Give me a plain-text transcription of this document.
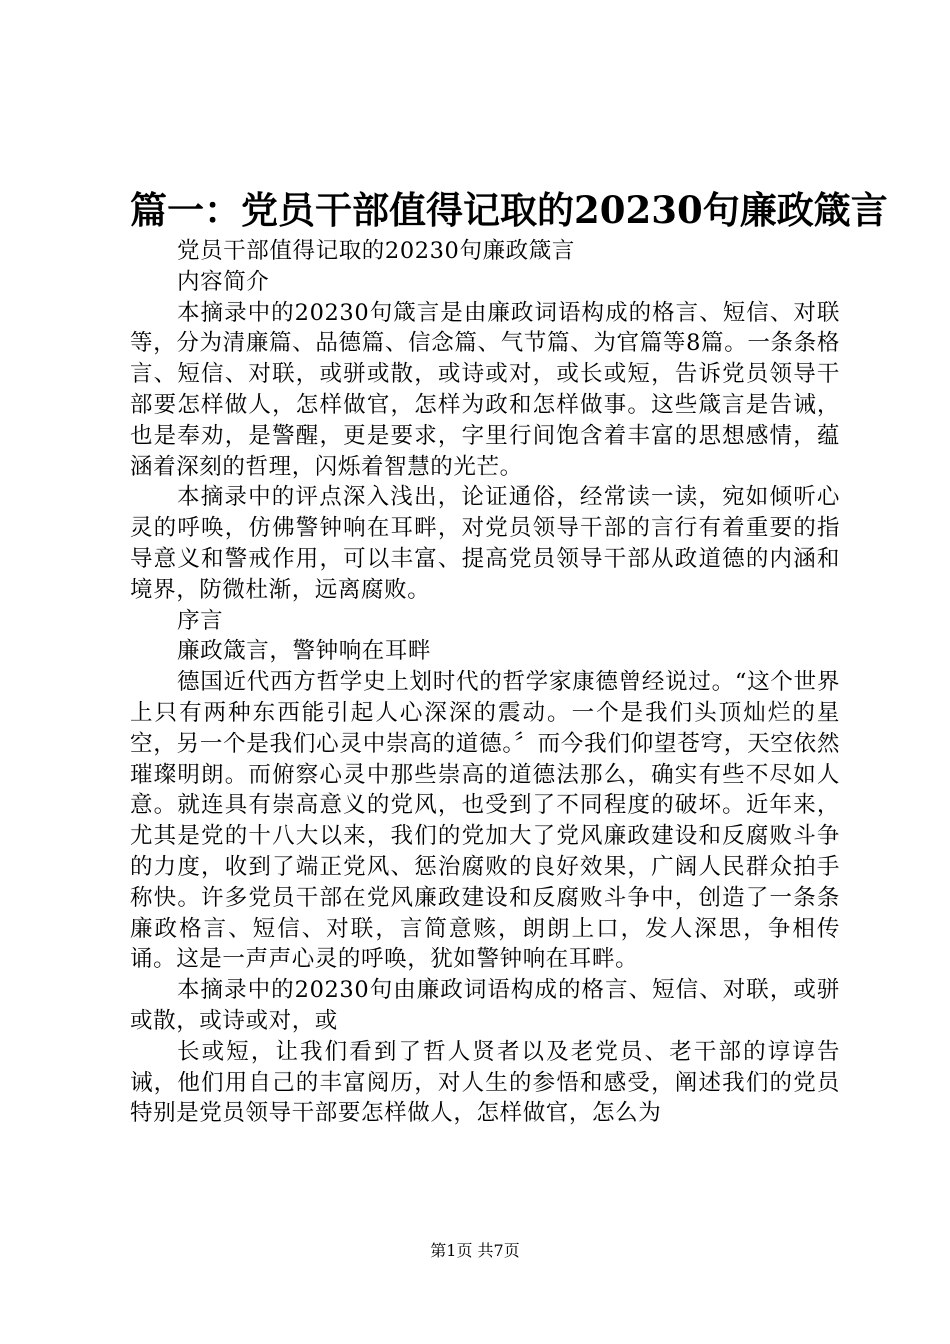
篇一：党员干部值得记取的20230句廉政箴言

党员干部值得记取的20230句廉政箴言

内容简介

本摘录中的20230句箴言是由廉政词语构成的格言、短信、对联等，分为清廉篇、品德篇、信念篇、气节篇、为官篇等8篇。一条条格言、短信、对联，或骈或散，或诗或对，或长或短，告诉党员领导干部要怎样做人，怎样做官，怎样为政和怎样做事。这些箴言是告诫，也是奉劝，是警醒，更是要求，字里行间饱含着丰富的思想感情，蕴涵着深刻的哲理，闪烁着智慧的光芒。

本摘录中的评点深入浅出，论证通俗，经常读一读，宛如倾听心灵的呼唤，仿佛警钟响在耳畔，对党员领导干部的言行有着重要的指导意义和警戒作用，可以丰富、提高党员领导干部从政道德的内涵和境界，防微杜渐，远离腐败。

序言

廉政箴言，警钟响在耳畔

德国近代西方哲学史上划时代的哲学家康德曾经说过。“这个世界上只有两种东西能引起人心深深的震动。一个是我们头顶灿烂的星空，另一个是我们心灵中崇高的道德。〞而今我们仰望苍穹，天空依然璀璨明朗。而俯察心灵中那些崇高的道德法那么，确实有些不尽如人意。就连具有崇高意义的党风，也受到了不同程度的破坏。近年来，尤其是党的十八大以来，我们的党加大了党风廉政建设和反腐败斗争的力度，收到了端正党风、惩治腐败的良好效果，广阔人民群众拍手称快。许多党员干部在党风廉政建设和反腐败斗争中，创造了一条条廉政格言、短信、对联，言简意赅，朗朗上口，发人深思，争相传诵。这是一声声心灵的呼唤，犹如警钟响在耳畔。

本摘录中的20230句由廉政词语构成的格言、短信、对联，或骈或散，或诗或对，或

长或短，让我们看到了哲人贤者以及老党员、老干部的谆谆告诫，他们用自己的丰富阅历，对人生的参悟和感受，阐述我们的党员特别是党员领导干部要怎样做人，怎样做官，怎么为

第1页 共7页
